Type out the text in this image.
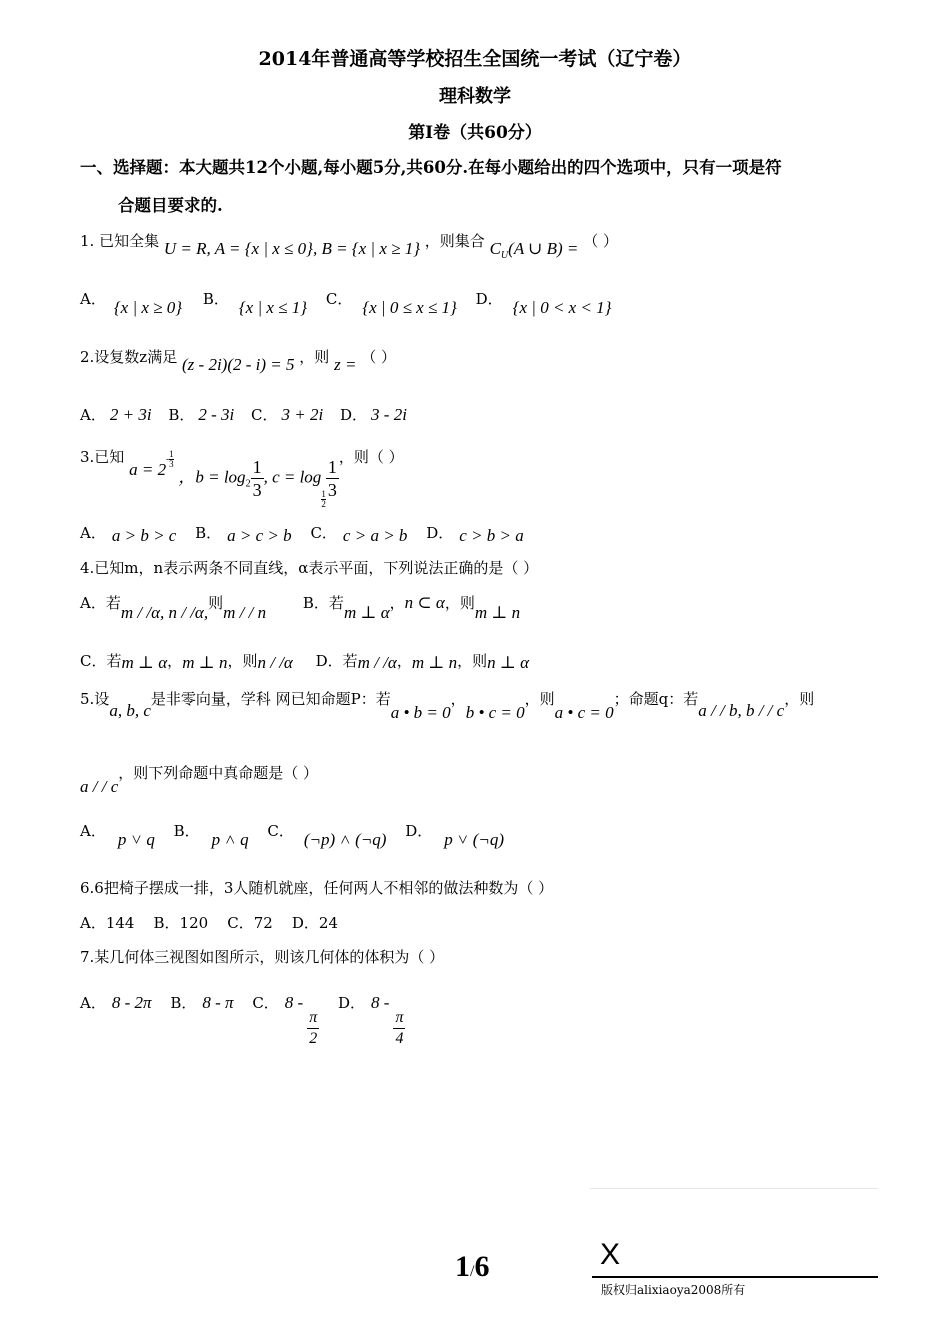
2014年普通高等学校招生全国统一考试（辽宁卷）
理科数学
第Ⅰ卷（共60分）
一、选择题：本大题共12个小题,每小题5分,共60分.在每小题给出的四个选项中，只有一项是符
合题目要求的.
1. 已知全集 U = R, A = {x | x ≤ 0}, B = {x | x ≥ 1} ，则集合 $C_U(A$ ∪ B) = （ ）
A． {x | x ≥ 0} B． {x | x ≤ 1} C． {x | 0 ≤ x ≤ 1} D． {x | 0 < x < 1}
2.设复数z满足 (z - 2i)(2 - i) = 5 ，则 z = （ ）
A． 2 + 3i B． 2 - 3i C． 3 + 2i D． 3 - 2i
3.已知 $a = 2- \frac{1}{3}$
，$b = \log_2 \frac{1}{3}$ , c = log
$\frac{1}{2} \frac{1}{3}$
，则（ ）
A． a > b > c B． a > c > b C． c > a > b D． c > b > a
4.已知m，n表示两条不同直线，α表示平面，下列说法正确的是（ ）
A．若m / /α, n / /α,则m / / n B．若m ⊥ α，n ⊂ α，则m ⊥ n
C．若m ⊥ α，m ⊥ n，则n / /α D．若m / /α，m ⊥ n，则n ⊥ α
5.设a, b, c是非零向量，学科 网已知命题P：若a • b = 0，b • c = 0，则a • c = 0；命题q：若a / / b, b / / c，则
a / / c，则下列命题中真命题是（ ）
A． p ˅ q B． p ˄ q C． (¬p) ˄ (¬q) D． p ˅ (¬q)
6.6把椅子摆成一排，3人随机就座，任何两人不相邻的做法种数为（ ）
A．144    B．120    C．72    D．24
7.某几何体三视图如图所示，则该几何体的体积为（ ）
A． 8 - 2π B． 8 - π C． 8 -
$\frac{\pi}{2}$
D． 8 -
$\frac{\pi}{4}$
1/6	X
版权归alixiaoya2008所有
